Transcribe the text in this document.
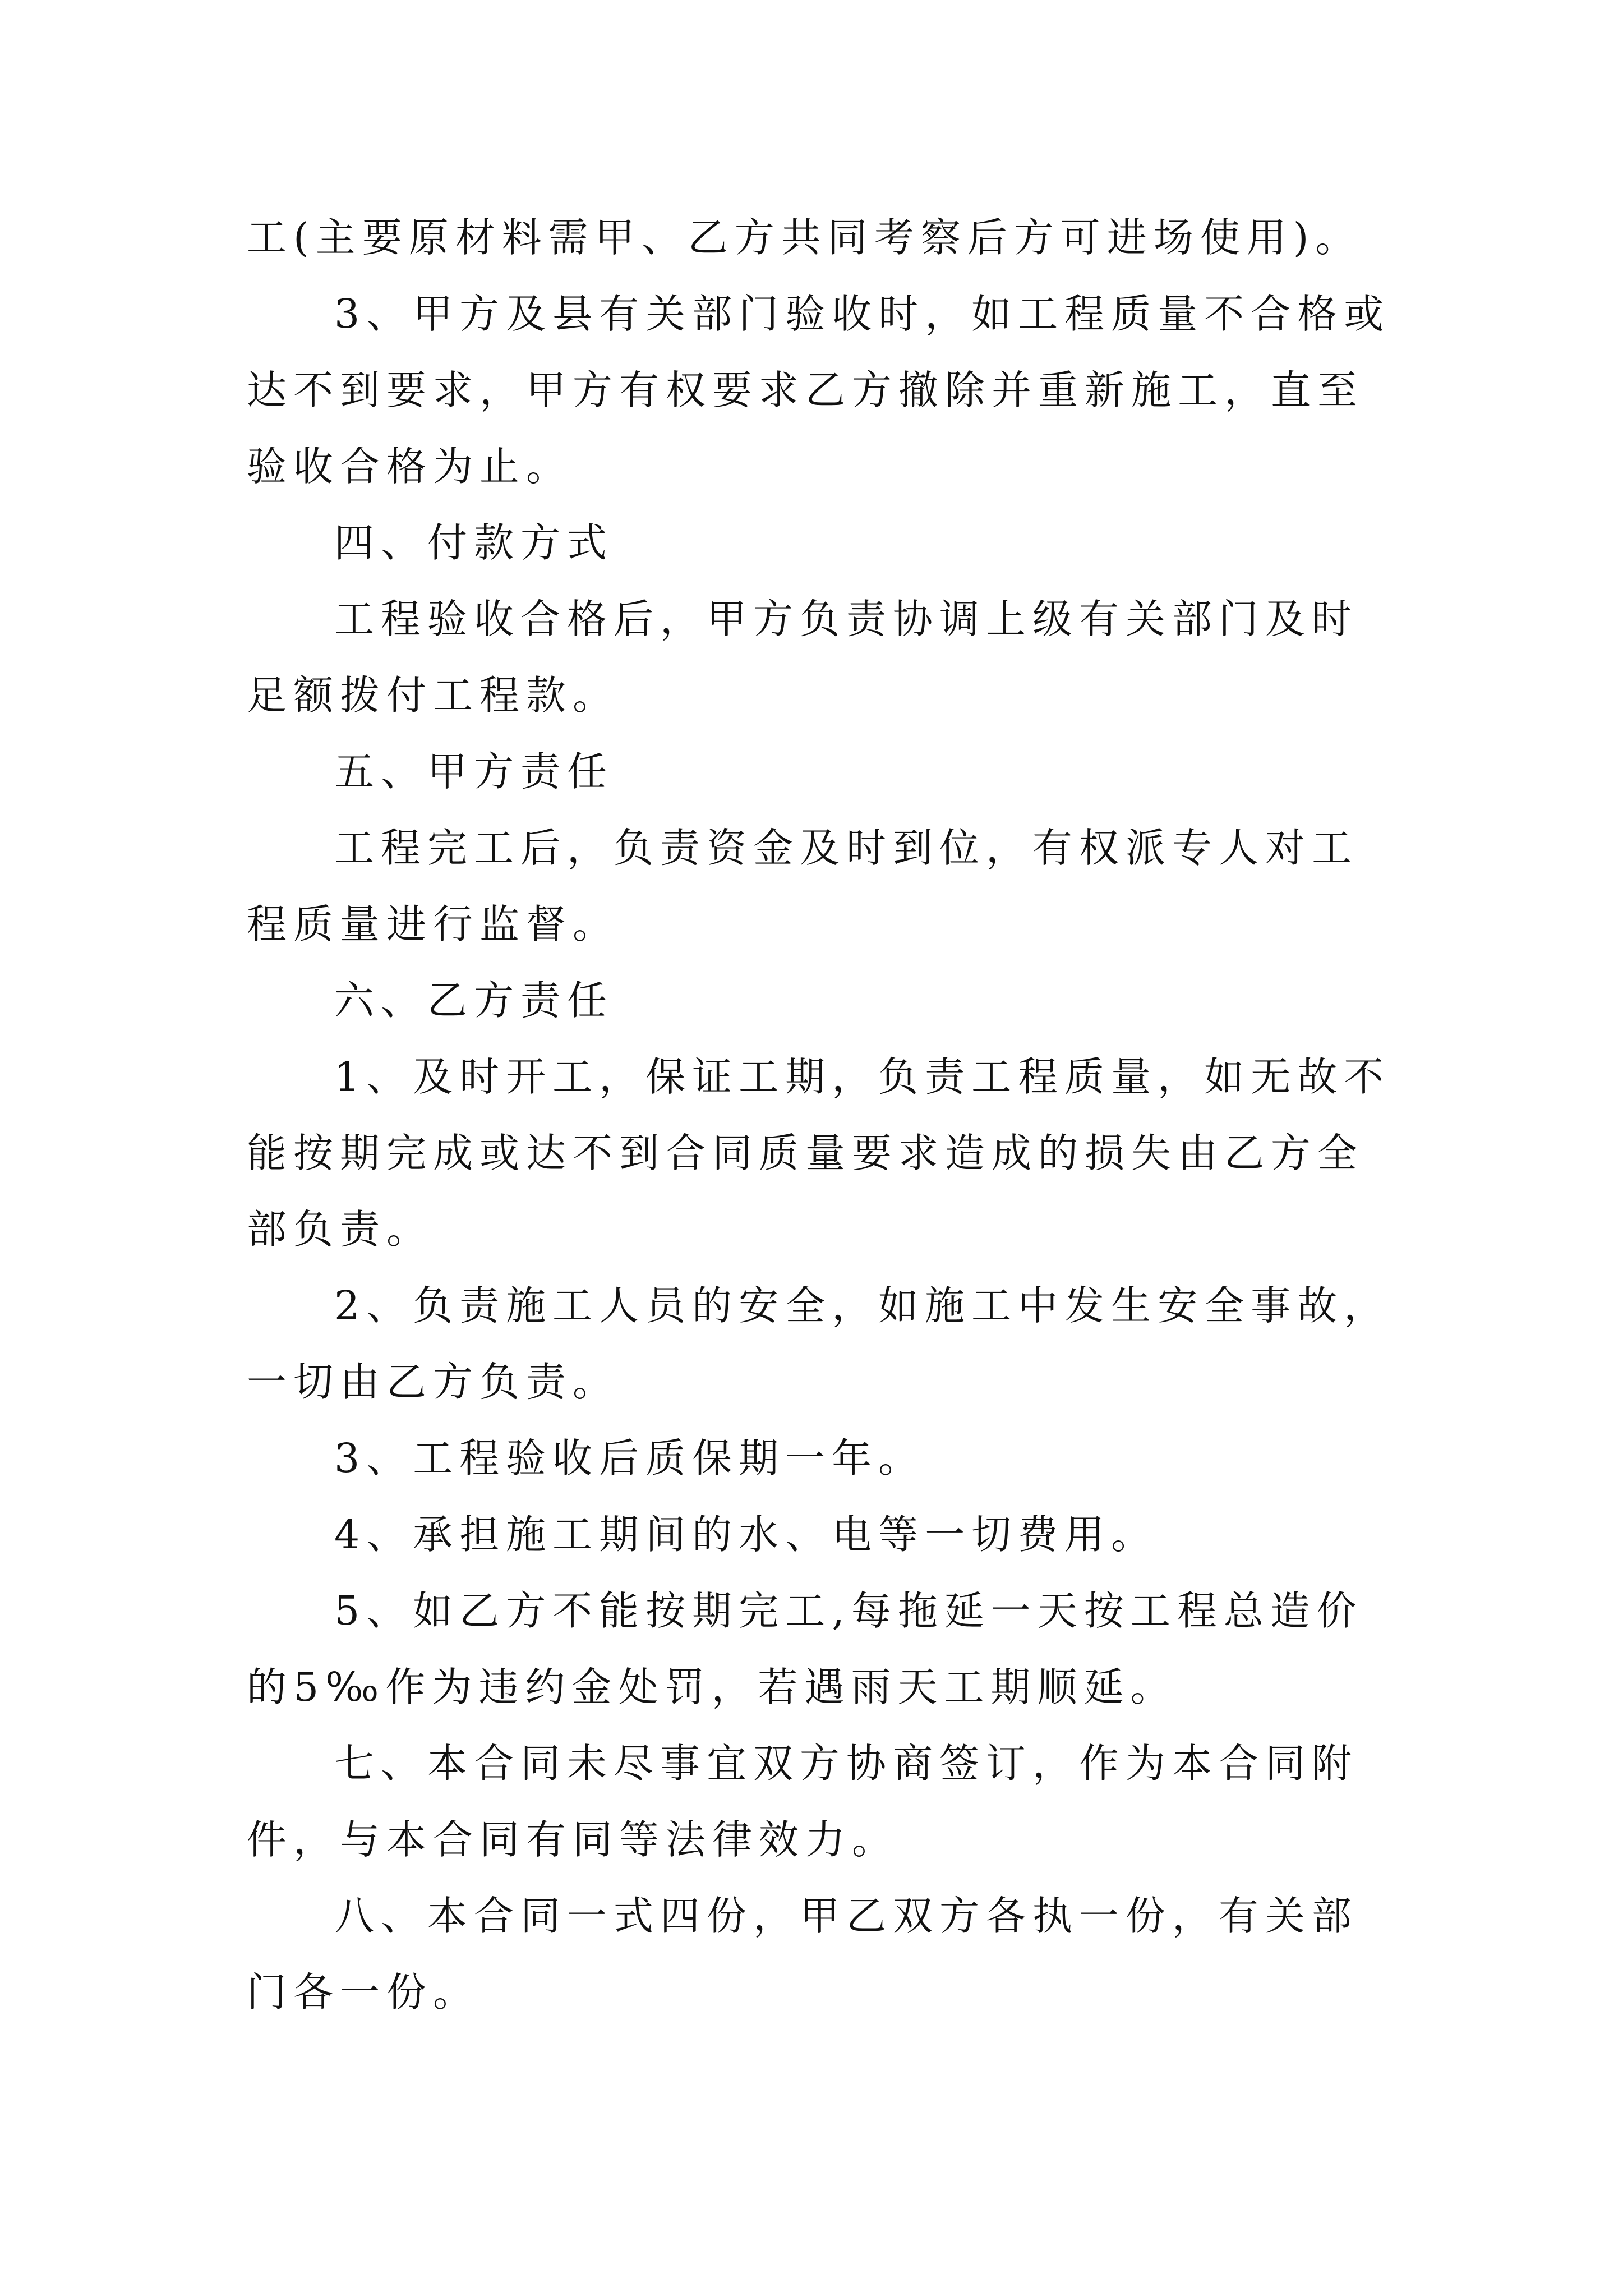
工(主要原材料需甲、乙方共同考察后方可进场使用)。

3、甲方及县有关部门验收时，如工程质量不合格或达不到要求，甲方有权要求乙方撤除并重新施工，直至验收合格为止。

四、付款方式

工程验收合格后，甲方负责协调上级有关部门及时足额拨付工程款。

五、甲方责任

工程完工后，负责资金及时到位，有权派专人对工程质量进行监督。

六、乙方责任

1、及时开工，保证工期，负责工程质量，如无故不能按期完成或达不到合同质量要求造成的损失由乙方全部负责。

2、负责施工人员的安全，如施工中发生安全事故，一切由乙方负责。

3、工程验收后质保期一年。

4、承担施工期间的水、电等一切费用。

5、如乙方不能按期完工,每拖延一天按工程总造价的5‰作为违约金处罚，若遇雨天工期顺延。

七、本合同未尽事宜双方协商签订，作为本合同附件，与本合同有同等法律效力。

八、本合同一式四份，甲乙双方各执一份，有关部门各一份。
